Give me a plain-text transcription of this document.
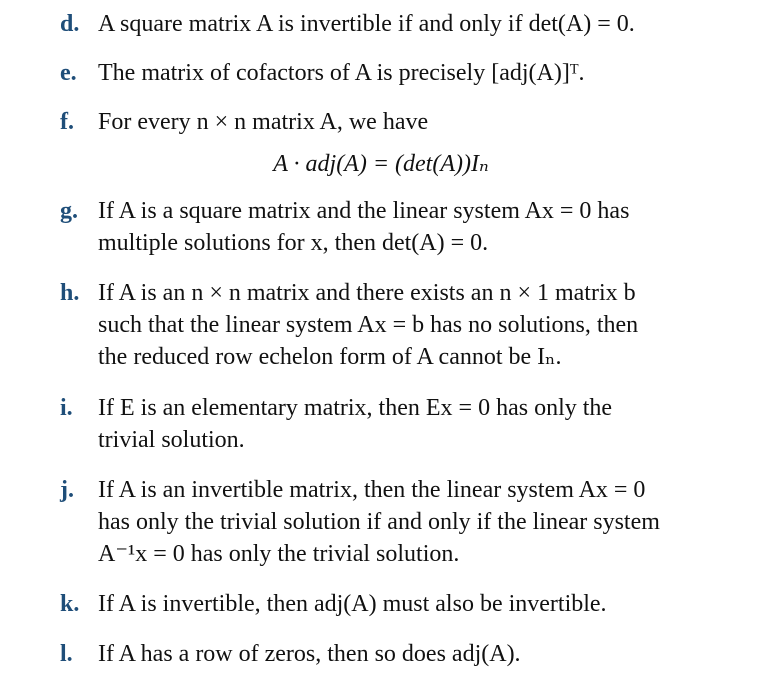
d. A square matrix A is invertible if and only if det(A) = 0.
e. The matrix of cofactors of A is precisely [adj(A)]ᵀ.
f. For every n × n matrix A, we have
A · adj(A) = (det(A))Iₙ
g. If A is a square matrix and the linear system Ax = 0 has
multiple solutions for x, then det(A) = 0.
h. If A is an n × n matrix and there exists an n × 1 matrix b
such that the linear system Ax = b has no solutions, then
the reduced row echelon form of A cannot be Iₙ.
i. If E is an elementary matrix, then Ex = 0 has only the
trivial solution.
j. If A is an invertible matrix, then the linear system Ax = 0
has only the trivial solution if and only if the linear system
A⁻¹x = 0 has only the trivial solution.
k. If A is invertible, then adj(A) must also be invertible.
l. If A has a row of zeros, then so does adj(A).
